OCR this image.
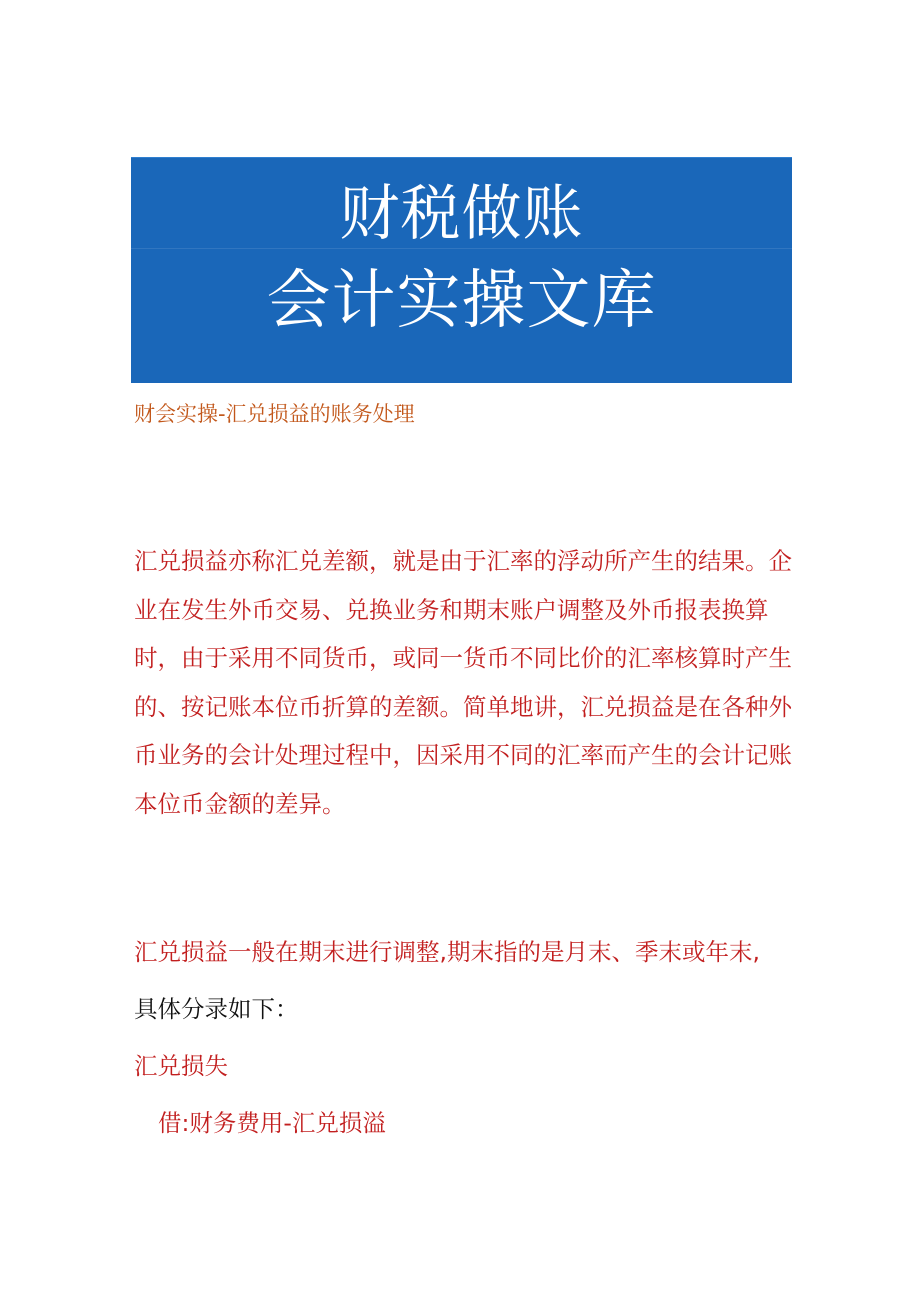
财税做账
会计实操文库
财会实操-汇兑损益的账务处理
汇兑损益亦称汇兑差额，就是由于汇率的浮动所产生的结果。企
业在发生外币交易、兑换业务和期末账户调整及外币报表换算
时，由于采用不同货币，或同一货币不同比价的汇率核算时产生
的、按记账本位币折算的差额。简单地讲，汇兑损益是在各种外
币业务的会计处理过程中，因采用不同的汇率而产生的会计记账
本位币金额的差异。
汇兑损益一般在期末进行调整,期末指的是月末、季末或年末,
具体分录如下：
汇兑损失
借:财务费用-汇兑损溢
